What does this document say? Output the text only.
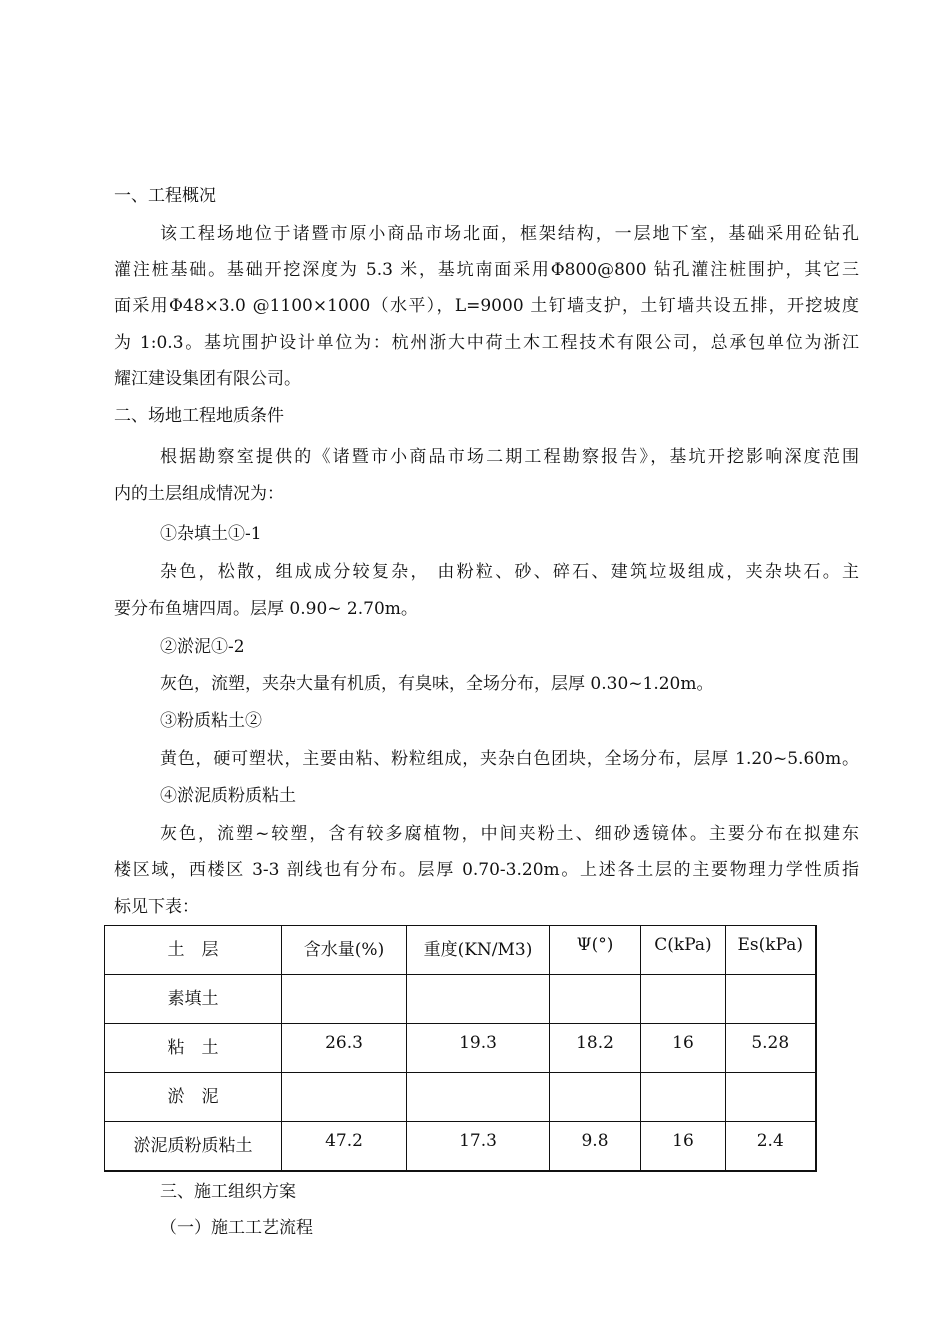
一、工程概况
该工程场地位于诸暨市原小商品市场北面，框架结构，一层地下室，基础采用砼钻孔
灌注桩基础。基础开挖深度为 5.3 米，基坑南面采用Φ800@800 钻孔灌注桩围护，其它三
面采用Φ48×3.0 @1100×1000（水平），L=9000 土钉墙支护，土钉墙共设五排，开挖坡度
为 1:0.3。基坑围护设计单位为：杭州浙大中荷土木工程技术有限公司，总承包单位为浙江
耀江建设集团有限公司。
二、场地工程地质条件
根据勘察室提供的《诸暨市小商品市场二期工程勘察报告》，基坑开挖影响深度范围
内的土层组成情况为：
①杂填土①-1
杂色，松散，组成成分较复杂， 由粉粒、砂、碎石、建筑垃圾组成，夹杂块石。主
要分布鱼塘四周。层厚 0.90~ 2.70m。
②淤泥①-2
灰色，流塑，夹杂大量有机质，有臭味，全场分布，层厚 0.30~1.20m。
③粉质粘土②
黄色，硬可塑状，主要由粘、粉粒组成，夹杂白色团块，全场分布，层厚 1.20~5.60m。
④淤泥质粉质粘土
灰色，流塑~较塑，含有较多腐植物，中间夹粉土、细砂透镜体。主要分布在拟建东
楼区域，西楼区 3-3 剖线也有分布。层厚 0.70-3.20m。上述各土层的主要物理力学性质指
标见下表：
土　层	含水量(%)	重度(KN/M3)	Ψ(°)	C(kPa)	Es(kPa)
素填土					
粘　土	26.3	19.3	18.2	16	5.28
淤　泥					
淤泥质粉质粘土	47.2	17.3	9.8	16	2.4
三、施工组织方案
（一）施工工艺流程
